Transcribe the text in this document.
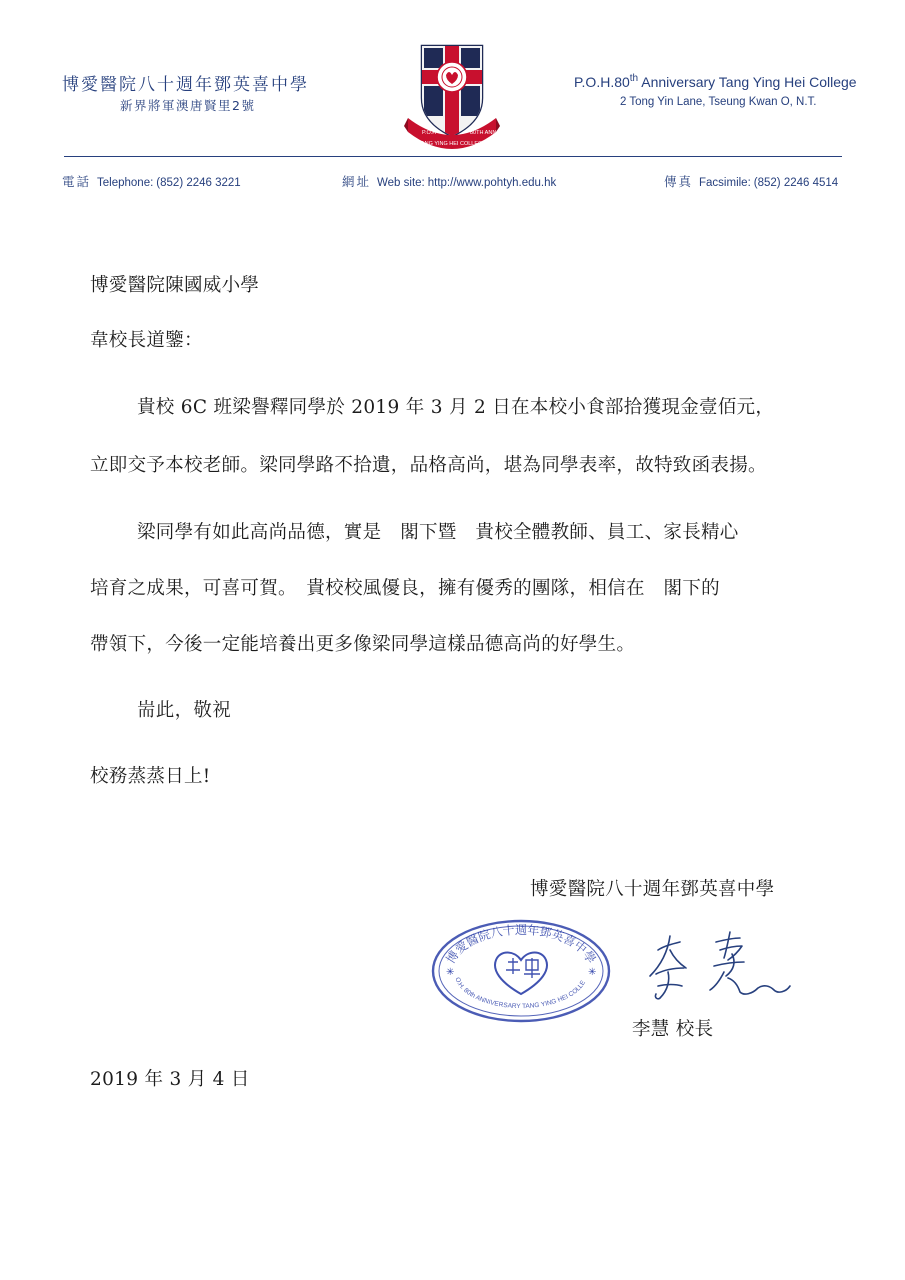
博愛醫院八十週年鄧英喜中學
新界將軍澳唐賢里2號
P.O.H
TANG YING HEI COLLEGE
80TH ANN
P.O.H.80th Anniversary Tang Ying Hei College
2 Tong Yin Lane, Tseung Kwan O, N.T.
電話 Telephone: (852) 2246 3221	網址 Web site: http://www.pohtyh.edu.hk	傳真 Facsimile: (852) 2246 4514
博愛醫院陳國威小學
韋校長道鑒：
貴校 6C 班梁譽釋同學於 2019 年 3 月 2 日在本校小食部拾獲現金壹佰元，
立即交予本校老師。梁同學路不拾遺，品格高尚，堪為同學表率，故特致函表揚。
梁同學有如此高尚品德，實是　閣下暨　貴校全體教師、員工、家長精心
培育之成果，可喜可賀。　貴校校風優良，擁有優秀的團隊，相信在　閣下的
帶領下，今後一定能培養出更多像梁同學這樣品德高尚的好學生。
耑此，敬祝
校務蒸蒸日上!
博愛醫院八十週年鄧英喜中學
博愛醫院八十週年鄧英喜中學
O.H. 80th ANNIVERSARY TANG YING HEI COLLE
✳	✳
李慧 校長
2019 年 3 月 4 日
